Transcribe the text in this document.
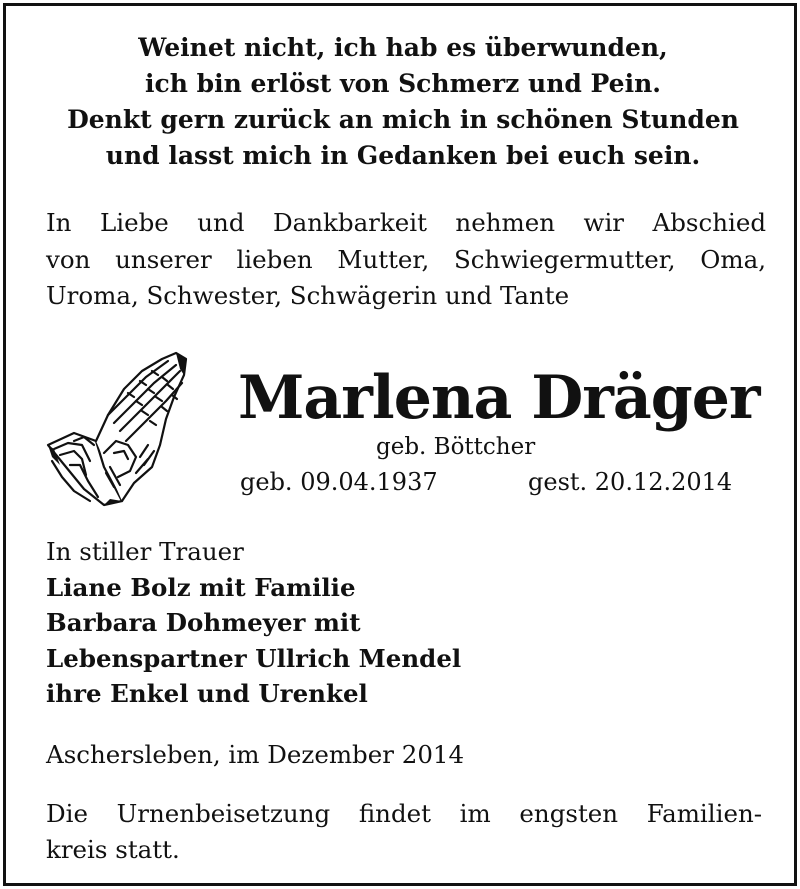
Weinet nicht, ich hab es überwunden,
ich bin erlöst von Schmerz und Pein.
Denkt gern zurück an mich in schönen Stunden
und lasst mich in Gedanken bei euch sein.
In Liebe und Dankbarkeit nehmen wir Abschied
von unserer lieben Mutter, Schwiegermutter, Oma,
Uroma, Schwester, Schwägerin und Tante
Marlena Dräger
geb. Böttcher
geb. 09.04.1937	gest. 20.12.2014
In stiller Trauer
Liane Bolz mit Familie
Barbara Dohmeyer mit
Lebenspartner Ullrich Mendel
ihre Enkel und Urenkel
Aschersleben, im Dezember 2014
Die Urnenbeisetzung findet im engsten Familien-
kreis statt.
